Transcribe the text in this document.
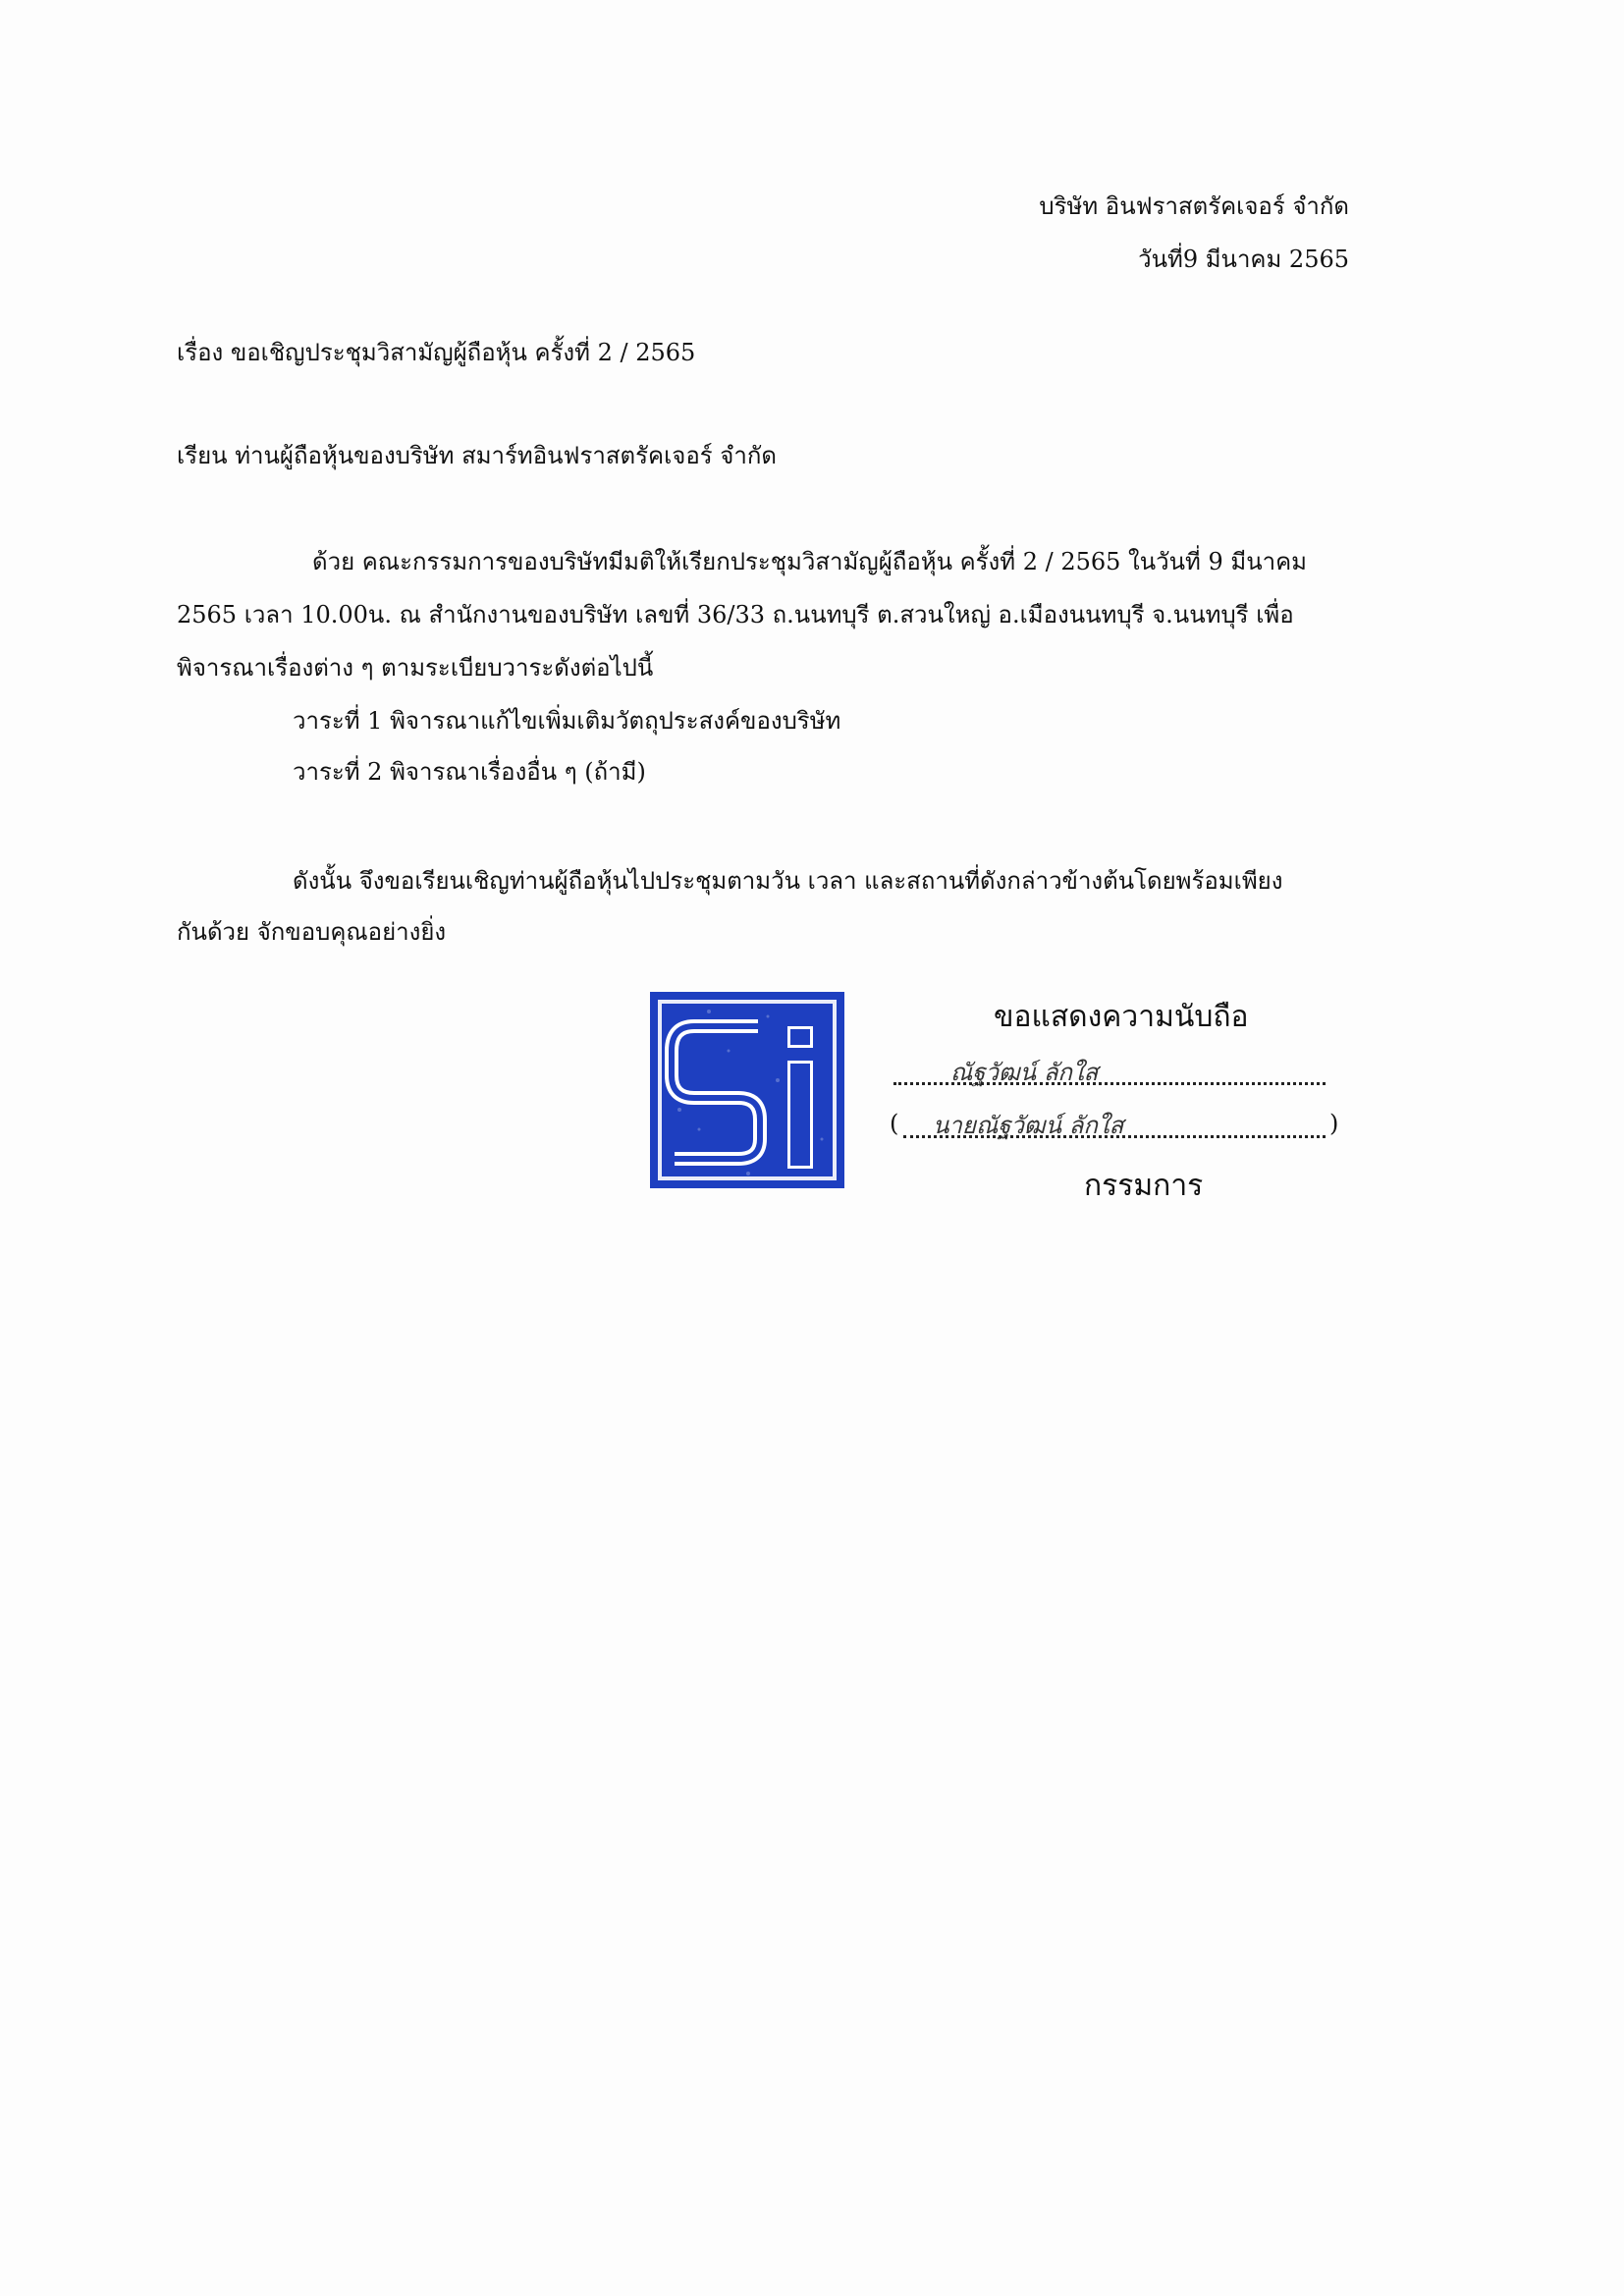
บริษัท อินฟราสตรัคเจอร์ จำกัด
วันที่9 มีนาคม 2565
เรื่อง ขอเชิญประชุมวิสามัญผู้ถือหุ้น ครั้งที่ 2 / 2565
เรียน ท่านผู้ถือหุ้นของบริษัท สมาร์ทอินฟราสตรัคเจอร์ จำกัด
ด้วย คณะกรรมการของบริษัทมีมติให้เรียกประชุมวิสามัญผู้ถือหุ้น ครั้งที่ 2 / 2565 ในวันที่ 9 มีนาคม
2565 เวลา 10.00น. ณ สำนักงานของบริษัท เลขที่ 36/33 ถ.นนทบุรี ต.สวนใหญ่ อ.เมืองนนทบุรี จ.นนทบุรี เพื่อ
พิจารณาเรื่องต่าง ๆ ตามระเบียบวาระดังต่อไปนี้
วาระที่ 1 พิจารณาแก้ไขเพิ่มเติมวัตถุประสงค์ของบริษัท
วาระที่ 2 พิจารณาเรื่องอื่น ๆ (ถ้ามี)
ดังนั้น จึงขอเรียนเชิญท่านผู้ถือหุ้นไปประชุมตามวัน เวลา และสถานที่ดังกล่าวข้างต้นโดยพร้อมเพียง
กันด้วย จักขอบคุณอย่างยิ่ง
ขอแสดงความนับถือ
ณัฐวัฒน์ ลักใส
( นายณัฐวัฒน์ ลักใส	)
กรรมการ
